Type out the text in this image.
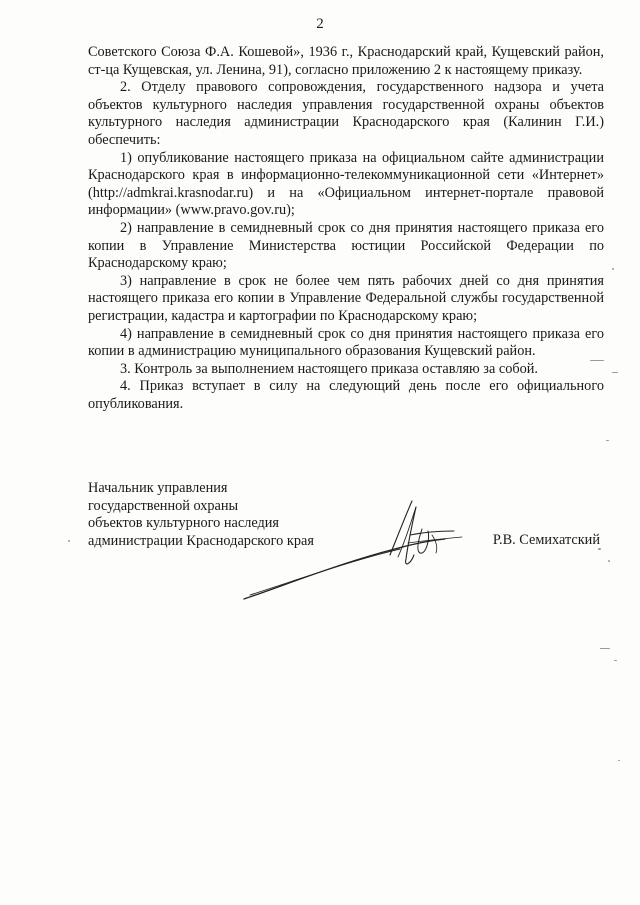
2

Советского Союза Ф.А. Кошевой», 1936 г., Краснодарский край, Кущевский район, ст-ца Кущевская, ул. Ленина, 91), согласно приложению 2 к настоящему приказу.

2. Отделу правового сопровождения, государственного надзора и учета объектов культурного наследия управления государственной охраны объектов культурного наследия администрации Краснодарского края (Калинин Г.И.) обеспечить:

1) опубликование настоящего приказа на официальном сайте администрации Краснодарского края в информационно-телекоммуникационной сети «Интернет» (http://admkrai.krasnodar.ru) и на «Официальном интернет-портале правовой информации» (www.pravo.gov.ru);

2) направление в семидневный срок со дня принятия настоящего приказа его копии в Управление Министерства юстиции Российской Федерации по Краснодарскому краю;

3) направление в срок не более чем пять рабочих дней со дня принятия настоящего приказа его копии в Управление Федеральной службы государственной регистрации, кадастра и картографии по Краснодарскому краю;

4) направление в семидневный срок со дня принятия настоящего приказа его копии в администрацию муниципального образования Кущевский район.

3. Контроль за выполнением настоящего приказа оставляю за собой.

4. Приказ вступает в силу на следующий день после его официального опубликования.

Начальник управления
государственной охраны
объектов культурного наследия
администрации Краснодарского края	Р.В. Семихатский
